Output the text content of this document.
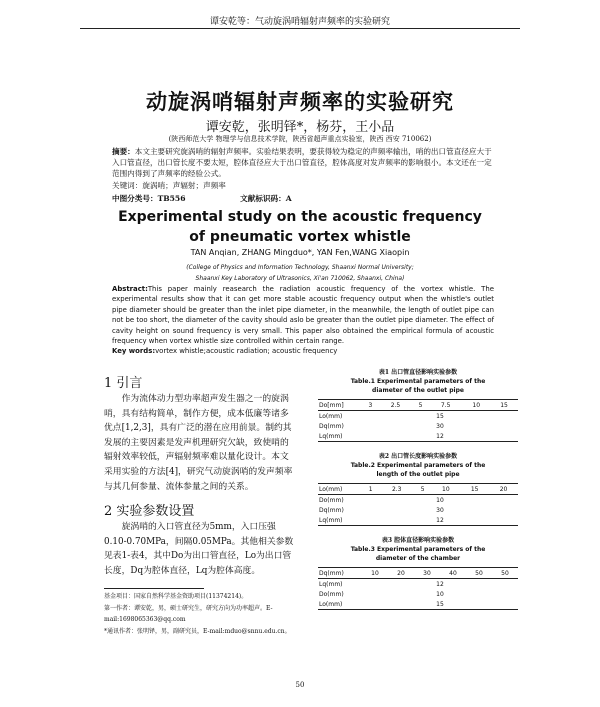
谭安乾等：气动旋涡哨辐射声频率的实验研究
动旋涡哨辐射声频率的实验研究
谭安乾，张明铎*，杨芬，王小品
(陕西师范大学 物理学与信息技术学院，陕西省超声重点实验室，陕西 西安 710062)
摘要：本文主要研究旋涡哨的辐射声频率。实验结果表明，要获得较为稳定的声频率输出，哨的出口管直径应大于入口管直径，出口管长度不要太短，腔体直径应大于出口管直径，腔体高度对发声频率的影响很小。本文还在一定范围内得到了声频率的经验公式。
关键词：旋涡哨；声辐射；声频率
中图分类号：TB556	文献标识码：A
Experimental study on the acoustic frequency
of pneumatic vortex whistle
TAN Anqian, ZHANG Mingduo*, YAN Fen,WANG Xiaopin
(College of Physics and Information Technology, Shaanxi Normal University;
Shaanxi Key Laboratory of Ultrasonics, Xi'an 710062, Shaanxi, China)
Abstract:This paper mainly reasearch the radiation acoustic frequency of the vortex whistle. The experimental results show that it can get more stable acoustic frequency output when the whistle's outlet pipe diameter should be greater than the inlet pipe diameter, in the meanwhile, the length of outlet pipe can not be too short, the diameter of the cavity should aslo be greater than the outlet pipe diameter. The effect of cavity height on sound frequency is very small. This paper also obtained the empirical formula of acoustic frequency when vortex whistle size controlled within certain range.
Key words:vortex whistle;acoustic radiation; acoustic frequency
1 引言
作为流体动力型功率超声发生器之一的旋涡哨，具有结构简单，制作方便，成本低廉等诸多优点[1,2,3]，具有广泛的潜在应用前景。制约其发展的主要因素是发声机理研究欠缺，致使哨的辐射效率较低，声辐射频率难以量化设计。本文采用实验的方法[4]，研究气动旋涡哨的发声频率与其几何参量、流体参量之间的关系。
2 实验参数设置
旋涡哨的入口管直径为5mm，入口压强0.10-0.70MPa，间隔0.05MPa。其他相关参数见表1-表4，其中Do为出口管直径，Lo为出口管长度，Dq为腔体直径，Lq为腔体高度。
基金项目：国家自然科学基金资助项目(11374214)。
第一作者：谭安乾，男，硕士研究生，研究方向为功率超声。E-mail:1698065363@qq.com
*通讯作者：张明铎，男，副研究员，E-mail:mduo@snnu.edu.cn。
表1 出口管直径影响实验参数
Table.1 Experimental parameters of the diameter of the outlet pipe
Do[mm]	3	2.5	5	7.5	10	15
Lo(mm)	15					
Dq(mm)	30					
Lq(mm)	12					
表2 出口管长度影响实验参数
Table.2 Experimental parameters of the length of the outlet pipe
Lo(mm)	1	2.3	5	10	15	20
Do(mm)	10					
Dq(mm)	30					
Lq(mm)	12					
表3 腔体直径影响实验参数
Table.3 Experimental parameters of the diameter of the chamber
Dq(mm)	10	20	30	40	50	50
Lq(mm)	12					
Do(mm)	10					
Lo(mm)	15					
50
